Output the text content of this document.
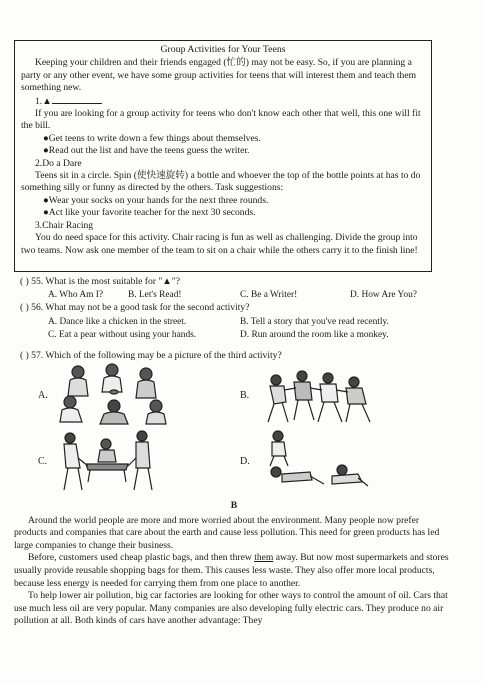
Group Activities for Your Teens

Keeping your children and their friends engaged (忙的) may not be easy. So, if you are planning a party or any other event, we have some group activities for teens that will interest them and teach them something new.

1.▲

If you are looking for a group activity for teens who don't know each other that well, this one will fit the bill.

●Get teens to write down a few things about themselves.

●Read out the list and have the teens guess the writer.

2.Do a Dare

Teens sit in a circle. Spin (使快速旋转) a bottle and whoever the top of the bottle points at has to do something silly or funny as directed by the others. Task suggestions:

●Wear your socks on your hands for the next three rounds.

●Act like your favorite teacher for the next 30 seconds.

3.Chair Racing

You do need space for this activity. Chair racing is fun as well as challenging. Divide the group into two teams. Now ask one member of the team to sit on a chair while the others carry it to the finish line!

( ) 55. What is the most suitable for "▲"?
A. Who Am I?	B. Let's Read!	C. Be a Writer!	D. How Are You?
( ) 56. What may not be a good task for the second activity?
A. Dance like a chicken in the street.	B. Tell a story that you've read recently.
C. Eat a pear without using your hands.	D. Run around the room like a monkey.
( ) 57. Which of the following may be a picture of the third activity?
A.	B.
C.	D.

B

Around the world people are more and more worried about the environment. Many people now prefer products and companies that care about the earth and cause less pollution. This need for green products has led large companies to change their business.

Before, customers used cheap plastic bags, and then threw them away. But now most supermarkets and stores usually provide reusable shopping bags for them. This causes less waste. They also offer more local products, because less energy is needed for carrying them from one place to another.

To help lower air pollution, big car factories are looking for other ways to control the amount of oil. Cars that use much less oil are very popular. Many companies are also developing fully electric cars. They produce no air pollution at all. Both kinds of cars have another advantage: They
